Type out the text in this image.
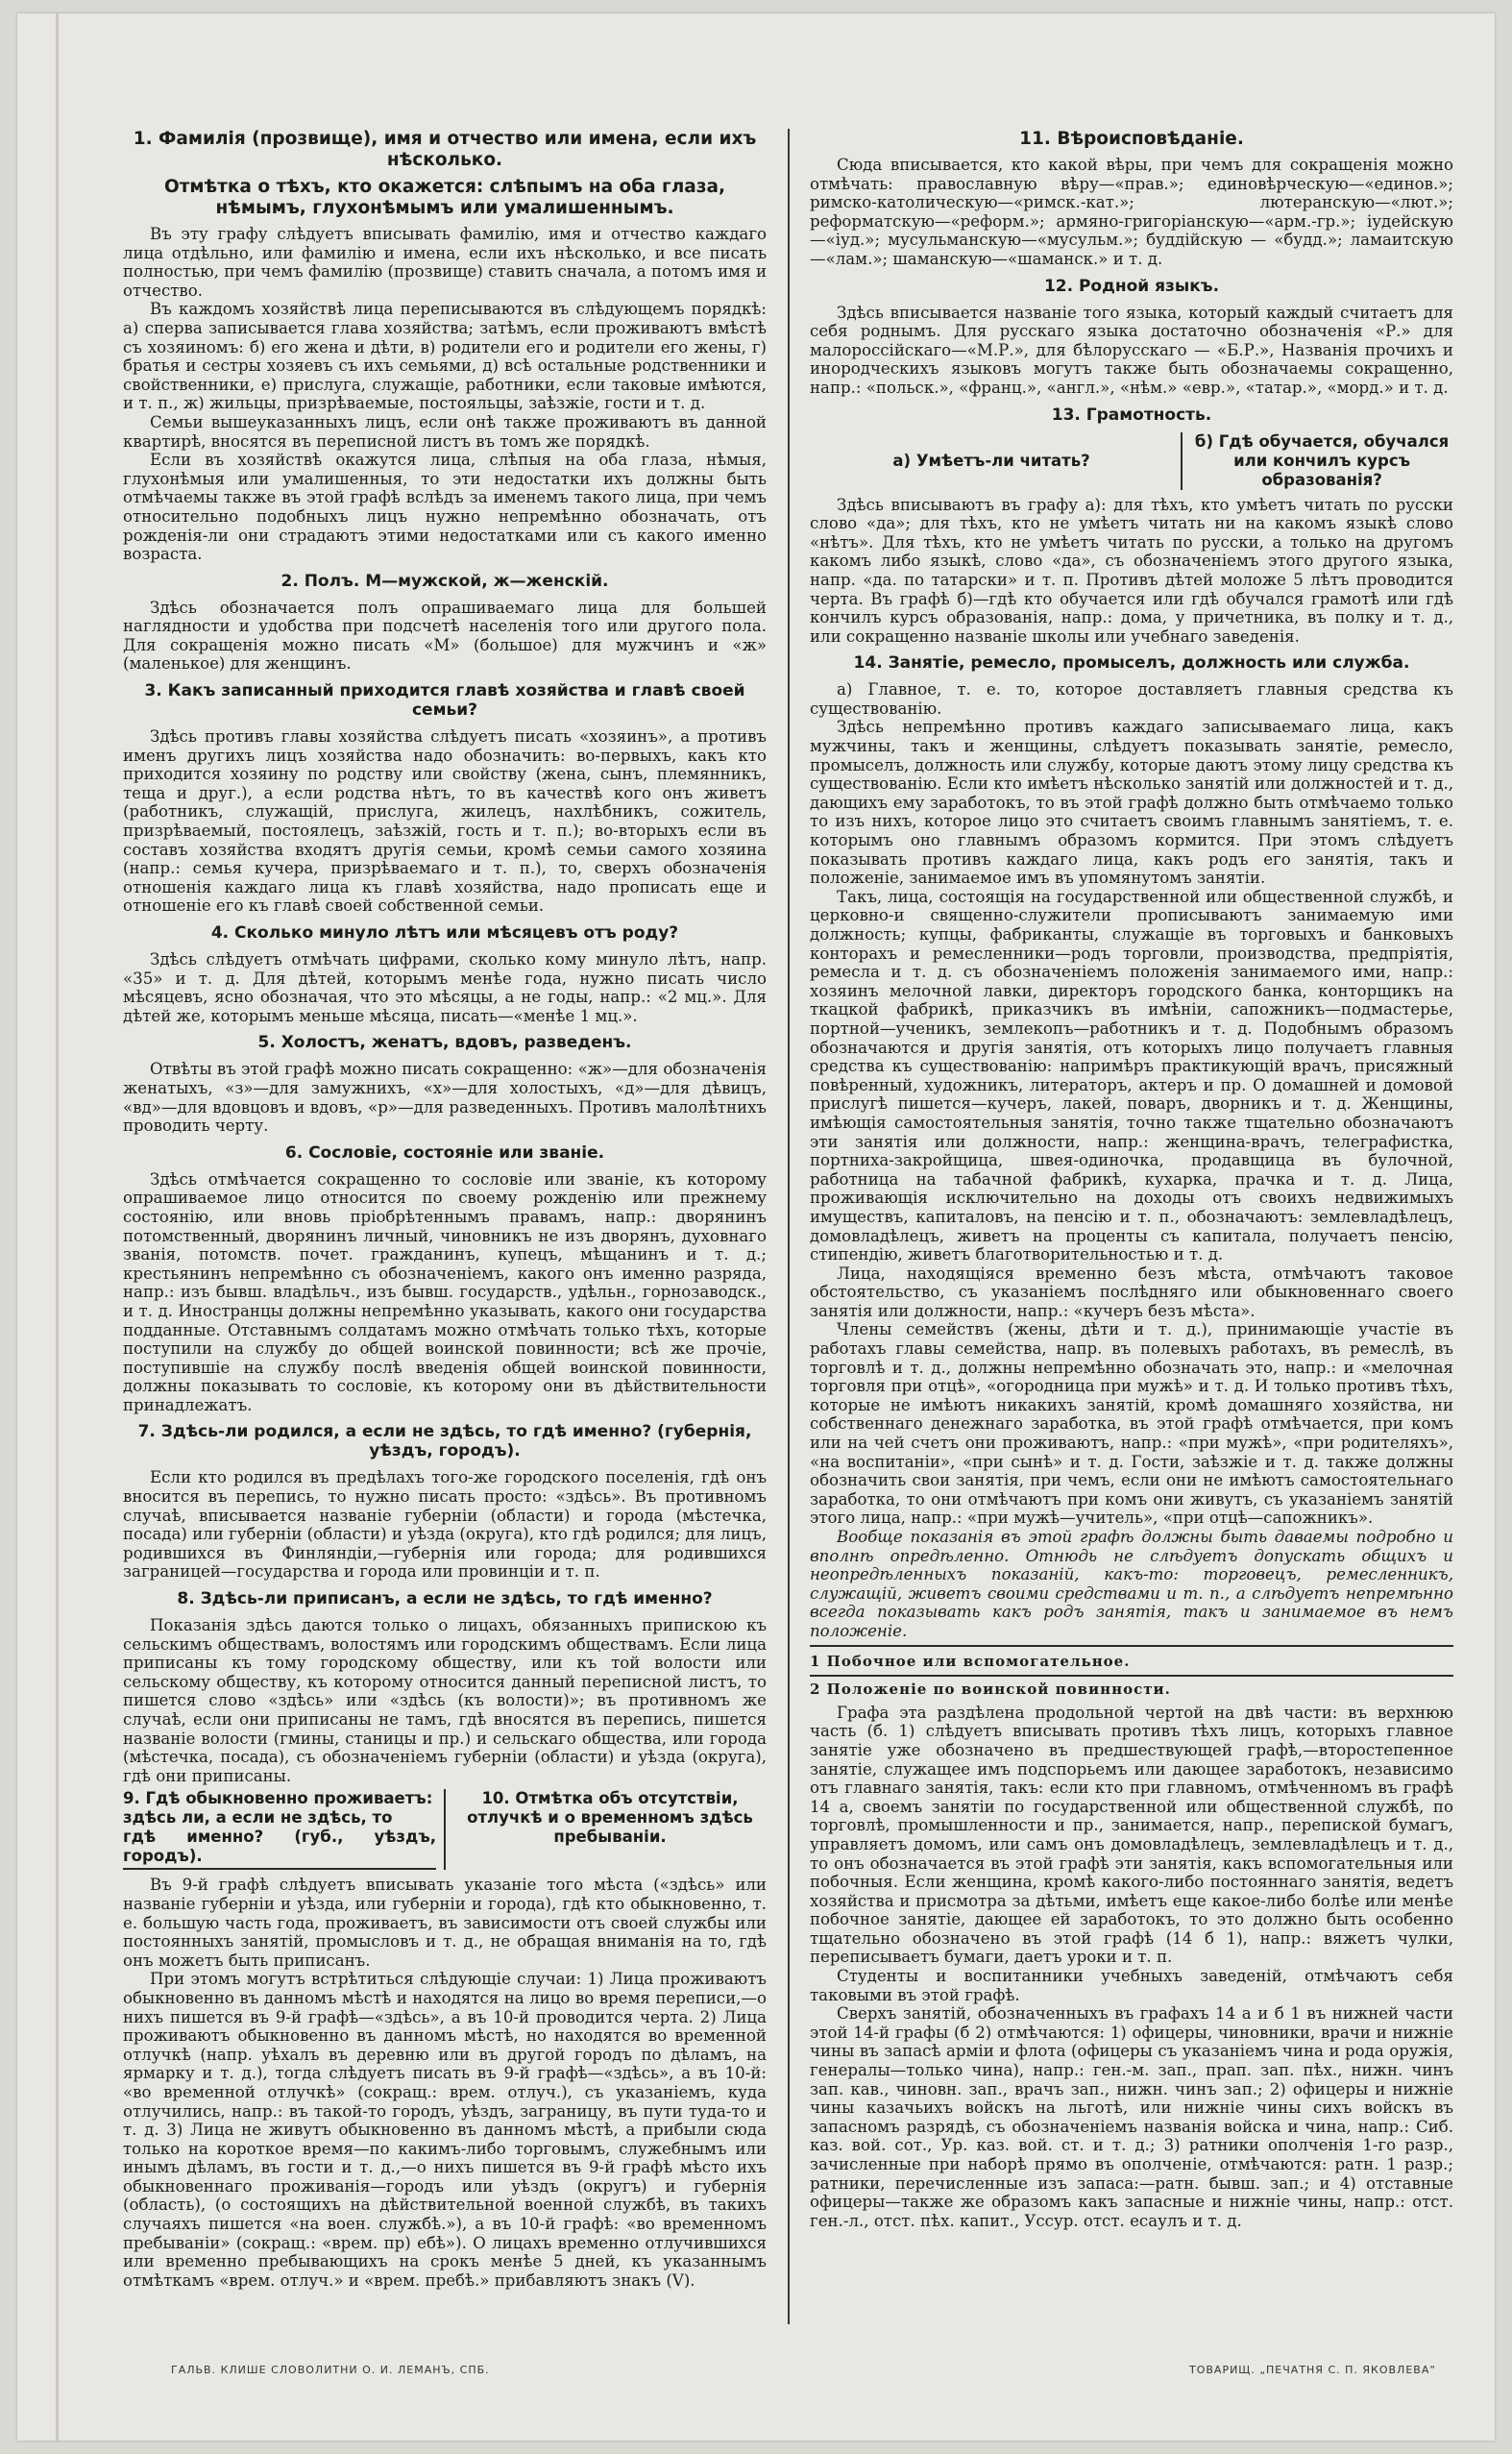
1. Фамилія (прозвище), имя и отчество или имена, если ихъ нѣсколько.
Отмѣтка о тѣхъ, кто окажется: слѣпымъ на оба глаза, нѣмымъ, глухонѣмымъ или умалишеннымъ.

Въ эту графу слѣдуетъ вписывать фамилію, имя и отчество каждаго лица отдѣльно, или фамилію и имена, если ихъ нѣсколько, и все писать полностью, при чемъ фамилію (прозвище) ставить сначала, а потомъ имя и отчество.

Въ каждомъ хозяйствѣ лица переписываются въ слѣдующемъ порядкѣ: а) сперва записывается глава хозяйства; затѣмъ, если проживаютъ вмѣстѣ съ хозяиномъ: б) его жена и дѣти, в) родители его и родители его жены, г) братья и сестры хозяевъ съ ихъ семьями, д) всѣ остальные родственники и свойственники, е) прислуга, служащіе, работники, если таковые имѣются, и т. п., ж) жильцы, призрѣваемые, постояльцы, заѣзжіе, гости и т. д.

Семьи вышеуказанныхъ лицъ, если онѣ также проживаютъ въ данной квартирѣ, вносятся въ переписной листъ въ томъ же порядкѣ.

Если въ хозяйствѣ окажутся лица, слѣпыя на оба глаза, нѣмыя, глухонѣмыя или умалишенныя, то эти недостатки ихъ должны быть отмѣчаемы также въ этой графѣ вслѣдъ за именемъ такого лица, при чемъ относительно подобныхъ лицъ нужно непремѣнно обозначать, отъ рожденія-ли они страдаютъ этими недостатками или съ какого именно возраста.

2. Полъ. М—мужской, ж—женскій.

Здѣсь обозначается полъ опрашиваемаго лица для большей наглядности и удобства при подсчетѣ населенія того или другого пола. Для сокращенія можно писать «М» (большое) для мужчинъ и «ж» (маленькое) для женщинъ.

3. Какъ записанный приходится главѣ хозяйства и главѣ своей семьи?

Здѣсь противъ главы хозяйства слѣдуетъ писать «хозяинъ», а противъ именъ другихъ лицъ хозяйства надо обозначить: во-первыхъ, какъ кто приходится хозяину по родству или свойству (жена, сынъ, племянникъ, теща и друг.), а если родства нѣтъ, то въ качествѣ кого онъ живетъ (работникъ, служащій, прислуга, жилецъ, нахлѣбникъ, сожитель, призрѣваемый, постоялецъ, заѣзжій, гость и т. п.); во-вторыхъ если въ составъ хозяйства входятъ другія семьи, кромѣ семьи самого хозяина (напр.: семья кучера, призрѣваемаго и т. п.), то, сверхъ обозначенія отношенія каждаго лица къ главѣ хозяйства, надо прописать еще и отношеніе его къ главѣ своей собственной семьи.

4. Сколько минуло лѣтъ или мѣсяцевъ отъ роду?

Здѣсь слѣдуетъ отмѣчать цифрами, сколько кому минуло лѣтъ, напр. «35» и т. д. Для дѣтей, которымъ менѣе года, нужно писать число мѣсяцевъ, ясно обозначая, что это мѣсяцы, а не годы, напр.: «2 мц.». Для дѣтей же, которымъ меньше мѣсяца, писать—«менѣе 1 мц.».

5. Холостъ, женатъ, вдовъ, разведенъ.

Отвѣты въ этой графѣ можно писать сокращенно: «ж»—для обозначенія женатыхъ, «з»—для замужнихъ, «х»—для холостыхъ, «д»—для дѣвицъ, «вд»—для вдовцовъ и вдовъ, «р»—для разведенныхъ. Противъ малолѣтнихъ проводить черту.

6. Сословіе, состояніе или званіе.

Здѣсь отмѣчается сокращенно то сословіе или званіе, къ которому опрашиваемое лицо относится по своему рожденію или прежнему состоянію, или вновь пріобрѣтеннымъ правамъ, напр.: дворянинъ потомственный, дворянинъ личный, чиновникъ не изъ дворянъ, духовнаго званія, потомств. почет. гражданинъ, купецъ, мѣщанинъ и т. д.; крестьянинъ непремѣнно съ обозначеніемъ, какого онъ именно разряда, напр.: изъ бывш. владѣльч., изъ бывш. государств., удѣльн., горнозаводск., и т. д. Иностранцы должны непремѣнно указывать, какого они государства подданные. Отставнымъ солдатамъ можно отмѣчать только тѣхъ, которые поступили на службу до общей воинской повинности; всѣ же прочіе, поступившіе на службу послѣ введенія общей воинской повинности, должны показывать то сословіе, къ которому они въ дѣйствительности принадлежатъ.

7. Здѣсь-ли родился, а если не здѣсь, то гдѣ именно? (губернія, уѣздъ, городъ).

Если кто родился въ предѣлахъ того-же городского поселенія, гдѣ онъ вносится въ перепись, то нужно писать просто: «здѣсь». Въ противномъ случаѣ, вписывается названіе губерніи (области) и города (мѣстечка, посада) или губерніи (области) и уѣзда (округа), кто гдѣ родился; для лицъ, родившихся въ Финляндіи,—губернія или города; для родившихся заграницей—государства и города или провинціи и т. п.

8. Здѣсь-ли приписанъ, а если не здѣсь, то гдѣ именно?

Показанія здѣсь даются только о лицахъ, обязанныхъ припискою къ сельскимъ обществамъ, волостямъ или городскимъ обществамъ. Если лица приписаны къ тому городскому обществу, или къ той волости или сельскому обществу, къ которому относится данный переписной листъ, то пишется слово «здѣсь» или «здѣсь (къ волости)»; въ противномъ же случаѣ, если они приписаны не тамъ, гдѣ вносятся въ перепись, пишется названіе волости (гмины, станицы и пр.) и сельскаго общества, или города (мѣстечка, посада), съ обозначеніемъ губерніи (области) и уѣзда (округа), гдѣ они приписаны.

9. Гдѣ обыкновенно проживаетъ:
здѣсь ли, а если не здѣсь, то
гдѣ именно? (губ., уѣздъ, городъ).
10. Отмѣтка объ отсутствіи, отлучкѣ и о временномъ здѣсь пребываніи.

Въ 9-й графѣ слѣдуетъ вписывать указаніе того мѣста («здѣсь» или названіе губерніи и уѣзда, или губерніи и города), гдѣ кто обыкновенно, т. е. большую часть года, проживаетъ, въ зависимости отъ своей службы или постоянныхъ занятій, промысловъ и т. д., не обращая вниманія на то, гдѣ онъ можетъ быть приписанъ.

При этомъ могутъ встрѣтиться слѣдующіе случаи: 1) Лица проживаютъ обыкновенно въ данномъ мѣстѣ и находятся на лицо во время переписи,—о нихъ пишется въ 9-й графѣ—«здѣсь», а въ 10-й проводится черта. 2) Лица проживаютъ обыкновенно въ данномъ мѣстѣ, но находятся во временной отлучкѣ (напр. уѣхалъ въ деревню или въ другой городъ по дѣламъ, на ярмарку и т. д.), тогда слѣдуетъ писать въ 9-й графѣ—«здѣсь», а въ 10-й: «во временной отлучкѣ» (сокращ.: врем. отлуч.), съ указаніемъ, куда отлучились, напр.: въ такой-то городъ, уѣздъ, заграницу, въ пути туда-то и т. д. 3) Лица не живутъ обыкновенно въ данномъ мѣстѣ, а прибыли сюда только на короткое время—по какимъ-либо торговымъ, служебнымъ или инымъ дѣламъ, въ гости и т. д.,—о нихъ пишется въ 9-й графѣ мѣсто ихъ обыкновеннаго проживанія—городъ или уѣздъ (округъ) и губернія (область), (о состоящихъ на дѣйствительной военной службѣ, въ такихъ случаяхъ пишется «на воен. службѣ.»), а въ 10-й графѣ: «во временномъ пребываніи» (сокращ.: «врем. пр) ебѣ»). О лицахъ временно отлучившихся или временно пребывающихъ на срокъ менѣе 5 дней, къ указаннымъ отмѣткамъ «врем. отлуч.» и «врем. пребѣ.» прибавляютъ знакъ (V).

11. Вѣроисповѣданіе.

Сюда вписывается, кто какой вѣры, при чемъ для сокращенія можно отмѣчать: православную вѣру—«прав.»; единовѣрческую—«единов.»; римско-католическую—«римск.-кат.»; лютеранскую—«лют.»; реформатскую—«реформ.»; армяно-григоріанскую—«арм.-гр.»; іудейскую—«іуд.»; мусульманскую—«мусульм.»; буддійскую — «будд.»; ламаитскую—«лам.»; шаманскую—«шаманск.» и т. д.

12. Родной языкъ.

Здѣсь вписывается названіе того языка, который каждый считаетъ для себя роднымъ. Для русскаго языка достаточно обозначенія «Р.» для малороссійскаго—«М.Р.», для бѣлорусскаго — «Б.Р.», Названія прочихъ и инородческихъ языковъ могутъ также быть обозначаемы сокращенно, напр.: «польск.», «франц.», «англ.», «нѣм.» «евр.», «татар.», «морд.» и т. д.

13. Грамотность.
а) Умѣетъ-ли читать?
б) Гдѣ обучается, обучался или кончилъ курсъ образованія?

Здѣсь вписываютъ въ графу а): для тѣхъ, кто умѣетъ читать по русски слово «да»; для тѣхъ, кто не умѣетъ читать ни на какомъ языкѣ слово «нѣтъ». Для тѣхъ, кто не умѣетъ читать по русски, а только на другомъ какомъ либо языкѣ, слово «да», съ обозначеніемъ этого другого языка, напр. «да. по татарски» и т. п. Противъ дѣтей моложе 5 лѣтъ проводится черта. Въ графѣ б)—гдѣ кто обучается или гдѣ обучался грамотѣ или гдѣ кончилъ курсъ образованія, напр.: дома, у причетника, въ полку и т. д., или сокращенно названіе школы или учебнаго заведенія.

14. Занятіе, ремесло, промыселъ, должность или служба.

а) Главное, т. е. то, которое доставляетъ главныя средства къ существованію.

Здѣсь непремѣнно противъ каждаго записываемаго лица, какъ мужчины, такъ и женщины, слѣдуетъ показывать занятіе, ремесло, промыселъ, должность или службу, которые даютъ этому лицу средства къ существованію. Если кто имѣетъ нѣсколько занятій или должностей и т. д., дающихъ ему заработокъ, то въ этой графѣ должно быть отмѣчаемо только то изъ нихъ, которое лицо это считаетъ своимъ главнымъ занятіемъ, т. е. которымъ оно главнымъ образомъ кормится. При этомъ слѣдуетъ показывать противъ каждаго лица, какъ родъ его занятія, такъ и положеніе, занимаемое имъ въ упомянутомъ занятіи.

Такъ, лица, состоящія на государственной или общественной службѣ, и церковно-и священно-служители прописываютъ занимаемую ими должность; купцы, фабриканты, служащіе въ торговыхъ и банковыхъ конторахъ и ремесленники—родъ торговли, производства, предпріятія, ремесла и т. д. съ обозначеніемъ положенія занимаемого ими, напр.: хозяинъ мелочной лавки, директоръ городского банка, конторщикъ на ткацкой фабрикѣ, приказчикъ въ имѣніи, сапожникъ—подмастерье, портной—ученикъ, землекопъ—работникъ и т. д. Подобнымъ образомъ обозначаются и другія занятія, отъ которыхъ лицо получаетъ главныя средства къ существованію: напримѣръ практикующій врачъ, присяжный повѣренный, художникъ, литераторъ, актеръ и пр. О домашней и домовой прислугѣ пишется—кучеръ, лакей, поваръ, дворникъ и т. д. Женщины, имѣющія самостоятельныя занятія, точно также тщательно обозначаютъ эти занятія или должности, напр.: женщина-врачъ, телеграфистка, портниха-закройщица, швея-одиночка, продавщица въ булочной, работница на табачной фабрикѣ, кухарка, прачка и т. д. Лица, проживающія исключительно на доходы отъ своихъ недвижимыхъ имуществъ, капиталовъ, на пенсію и т. п., обозначаютъ: землевладѣлецъ, домовладѣлецъ, живетъ на проценты съ капитала, получаетъ пенсію, стипендію, живетъ благотворительностью и т. д.

Лица, находящіяся временно безъ мѣста, отмѣчаютъ таковое обстоятельство, съ указаніемъ послѣдняго или обыкновеннаго своего занятія или должности, напр.: «кучеръ безъ мѣста».

Члены семействъ (жены, дѣти и т. д.), принимающіе участіе въ работахъ главы семейства, напр. въ полевыхъ работахъ, въ ремеслѣ, въ торговлѣ и т. д., должны непремѣнно обозначать это, напр.: и «мелочная торговля при отцѣ», «огородница при мужѣ» и т. д. И только противъ тѣхъ, которые не имѣютъ никакихъ занятій, кромѣ домашняго хозяйства, ни собственнаго денежнаго заработка, въ этой графѣ отмѣчается, при комъ или на чей счетъ они проживаютъ, напр.: «при мужѣ», «при родителяхъ», «на воспитаніи», «при сынѣ» и т. д. Гости, заѣзжіе и т. д. также должны обозначить свои занятія, при чемъ, если они не имѣютъ самостоятельнаго заработка, то они отмѣчаютъ при комъ они живутъ, съ указаніемъ занятій этого лица, напр.: «при мужѣ—учитель», «при отцѣ—сапожникъ».

Вообще показанія въ этой графѣ должны быть даваемы подробно и вполнѣ опредѣленно. Отнюдь не слѣдуетъ допускать общихъ и неопредѣленныхъ показаній, какъ-то: торговецъ, ремесленникъ, служащій, живетъ своими средствами и т. п., а слѣдуетъ непремѣнно всегда показывать какъ родъ занятія, такъ и занимаемое въ немъ положеніе.

1 Побочное или вспомогательное.
2 Положеніе по воинской повинности.

Графа эта раздѣлена продольной чертой на двѣ части: въ верхнюю часть (б. 1) слѣдуетъ вписывать противъ тѣхъ лицъ, которыхъ главное занятіе уже обозначено въ предшествующей графѣ,—второстепенное занятіе, служащее имъ подспорьемъ или дающее заработокъ, независимо отъ главнаго занятія, такъ: если кто при главномъ, отмѣченномъ въ графѣ 14 а, своемъ занятіи по государственной или общественной службѣ, по торговлѣ, промышленности и пр., занимается, напр., перепиской бумагъ, управляетъ домомъ, или самъ онъ домовладѣлецъ, землевладѣлецъ и т. д., то онъ обозначается въ этой графѣ эти занятія, какъ вспомогательныя или побочныя. Если женщина, кромѣ какого-либо постояннаго занятія, ведетъ хозяйства и присмотра за дѣтьми, имѣетъ еще какое-либо болѣе или менѣе побочное занятіе, дающее ей заработокъ, то это должно быть особенно тщательно обозначено въ этой графѣ (14 б 1), напр.: вяжетъ чулки, переписываетъ бумаги, даетъ уроки и т. п.

Студенты и воспитанники учебныхъ заведеній, отмѣчаютъ себя таковыми въ этой графѣ.

Сверхъ занятій, обозначенныхъ въ графахъ 14 а и б 1 въ нижней части этой 14-й графы (б 2) отмѣчаются: 1) офицеры, чиновники, врачи и нижніе чины въ запасѣ арміи и флота (офицеры съ указаніемъ чина и рода оружія, генералы—только чина), напр.: ген.-м. зап., прап. зап. пѣх., нижн. чинъ зап. кав., чиновн. зап., врачъ зап., нижн. чинъ зап.; 2) офицеры и нижніе чины казачьихъ войскъ на льготѣ, или нижніе чины сихъ войскъ въ запасномъ разрядѣ, съ обозначеніемъ названія войска и чина, напр.: Сиб. каз. вой. сот., Ур. каз. вой. ст. и т. д.; 3) ратники ополченія 1-го разр., зачисленные при наборѣ прямо въ ополченіе, отмѣчаются: ратн. 1 разр.; ратники, перечисленные изъ запаса:—ратн. бывш. зап.; и 4) отставные офицеры—также же образомъ какъ запасные и нижніе чины, напр.: отст. ген.-л., отст. пѣх. капит., Уссур. отст. есаулъ и т. д.

ГАЛЬВ. КЛИШЕ СЛОВОЛИТНИ О. И. ЛЕМАНЪ, СПБ.	ТОВАРИЩ. „ПЕЧАТНЯ С. П. ЯКОВЛЕВА“
